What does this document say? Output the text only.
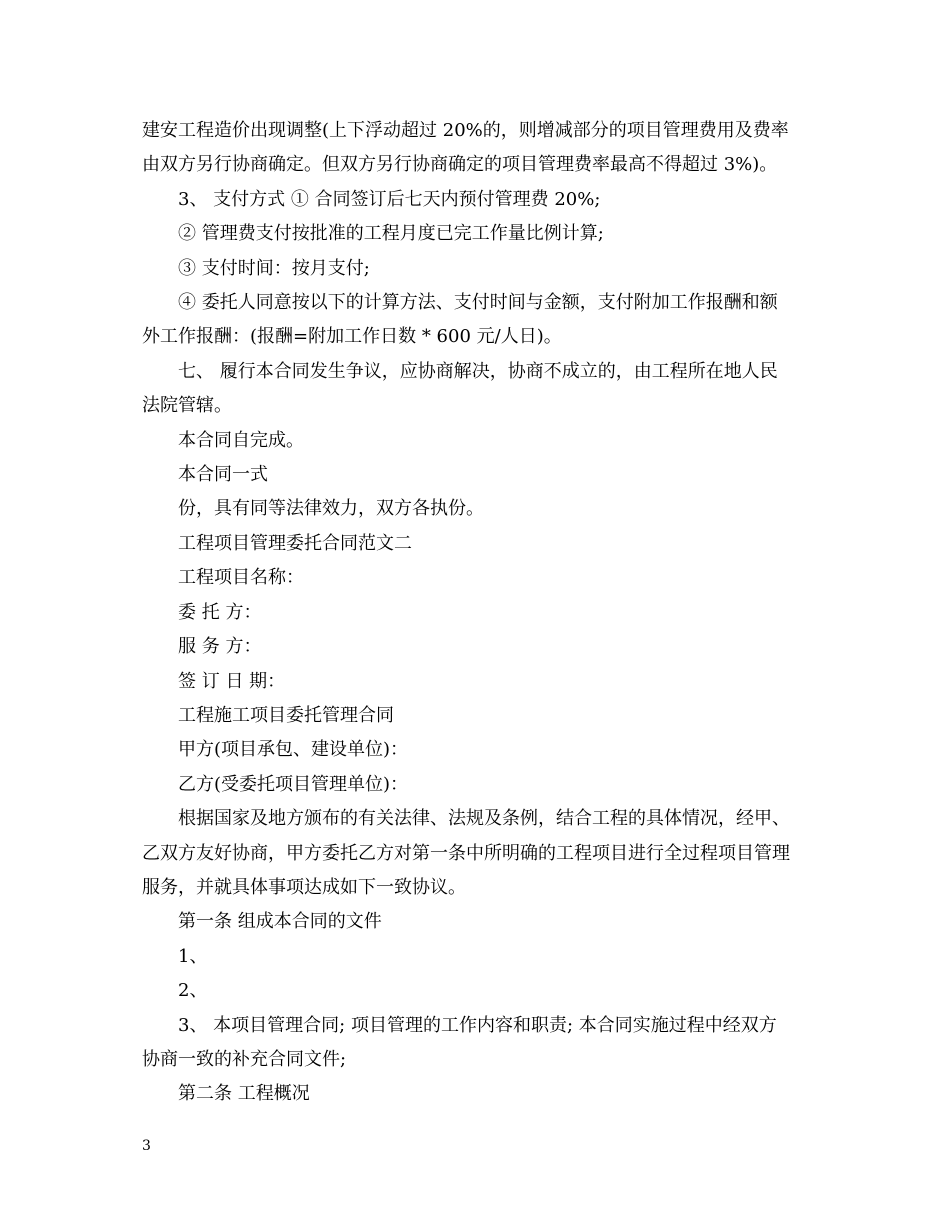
建安工程造价出现调整(上下浮动超过 20%的，则增减部分的项目管理费用及费率

由双方另行协商确定。但双方另行协商确定的项目管理费率最高不得超过 3%)。

3、 支付方式 ① 合同签订后七天内预付管理费 20%;

② 管理费支付按批准的工程月度已完工作量比例计算;

③ 支付时间：按月支付;

④ 委托人同意按以下的计算方法、支付时间与金额，支付附加工作报酬和额

外工作报酬：(报酬=附加工作日数 * 600 元/人日)。

七、 履行本合同发生争议，应协商解决，协商不成立的，由工程所在地人民

法院管辖。

本合同自完成。

本合同一式

份，具有同等法律效力，双方各执份。

工程项目管理委托合同范文二

工程项目名称：

委 托 方：

服 务 方：

签 订 日 期：

工程施工项目委托管理合同

甲方(项目承包、建设单位)：

乙方(受委托项目管理单位)：

根据国家及地方颁布的有关法律、法规及条例，结合工程的具体情况，经甲、

乙双方友好协商，甲方委托乙方对第一条中所明确的工程项目进行全过程项目管理

服务，并就具体事项达成如下一致协议。

第一条 组成本合同的文件

1、

2、

3、 本项目管理合同; 项目管理的工作内容和职责; 本合同实施过程中经双方

协商一致的补充合同文件;

第二条 工程概况

3
